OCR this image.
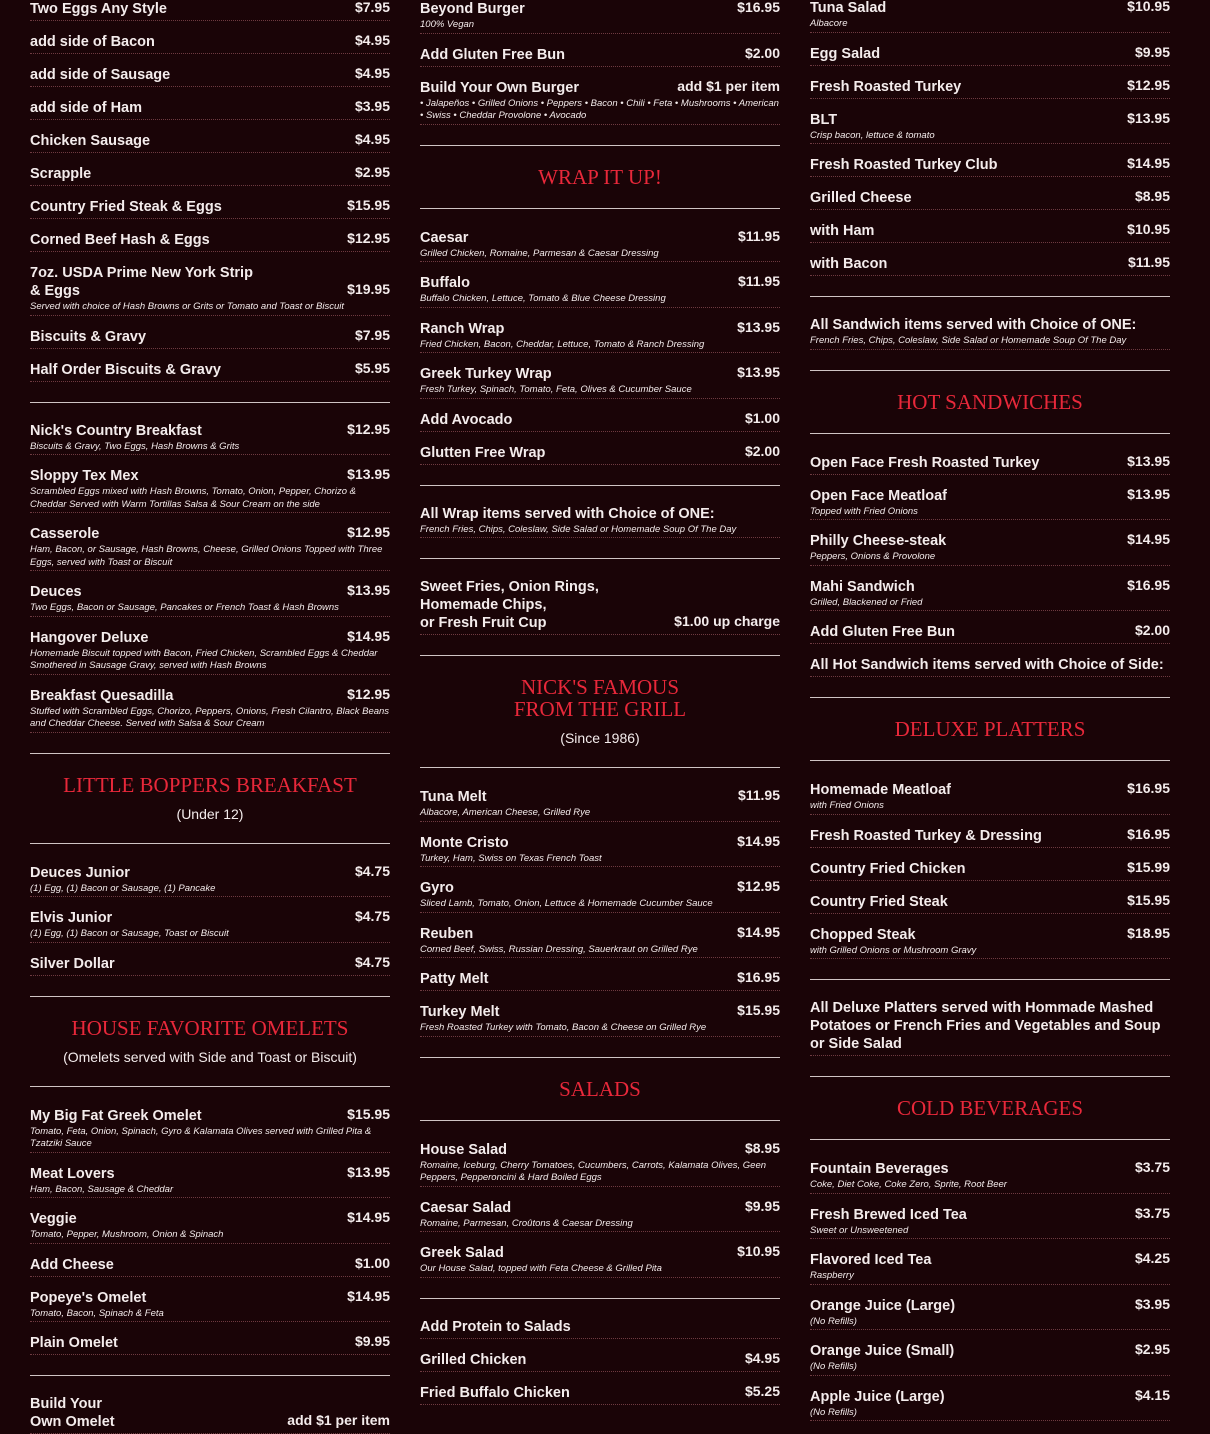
Two Eggs Any Style	$7.95
add side of Bacon	$4.95
add side of Sausage	$4.95
add side of Ham	$3.95
Chicken Sausage	$4.95
Scrapple	$2.95
Country Fried Steak & Eggs	$15.95
Corned Beef Hash & Eggs	$12.95
7oz. USDA Prime New York Strip
& Eggs	$19.95
Served with choice of Hash Browns or Grits or Tomato and Toast or Biscuit
Biscuits & Gravy	$7.95
Half Order Biscuits & Gravy	$5.95
Nick's Country Breakfast	$12.95
Biscuits & Gravy, Two Eggs, Hash Browns & Grits
Sloppy Tex Mex	$13.95
Scrambled Eggs mixed with Hash Browns, Tomato, Onion, Pepper, Chorizo & Cheddar Served with Warm Tortillas Salsa & Sour Cream on the side
Casserole	$12.95
Ham, Bacon, or Sausage, Hash Browns, Cheese, Grilled Onions Topped with Three Eggs, served with Toast or Biscuit
Deuces	$13.95
Two Eggs, Bacon or Sausage, Pancakes or French Toast & Hash Browns
Hangover Deluxe	$14.95
Homemade Biscuit topped with Bacon, Fried Chicken, Scrambled Eggs & Cheddar Smothered in Sausage Gravy, served with Hash Browns
Breakfast Quesadilla	$12.95
Stuffed with Scrambled Eggs, Chorizo, Peppers, Onions, Fresh Cilantro, Black Beans and Cheddar Cheese. Served with Salsa & Sour Cream
LITTLE BOPPERS BREAKFAST
(Under 12)
Deuces Junior	$4.75
(1) Egg, (1) Bacon or Sausage, (1) Pancake
Elvis Junior	$4.75
(1) Egg, (1) Bacon or Sausage, Toast or Biscuit
Silver Dollar	$4.75
HOUSE FAVORITE OMELETS
(Omelets served with Side and Toast or Biscuit)
My Big Fat Greek Omelet	$15.95
Tomato, Feta, Onion, Spinach, Gyro & Kalamata Olives served with Grilled Pita & Tzatziki Sauce
Meat Lovers	$13.95
Ham, Bacon, Sausage & Cheddar
Veggie	$14.95
Tomato, Pepper, Mushroom, Onion & Spinach
Add Cheese	$1.00
Popeye's Omelet	$14.95
Tomato, Bacon, Spinach & Feta
Plain Omelet	$9.95
Build Your
Own Omelet	add $1 per item
Beyond Burger	$16.95
100% Vegan
Add Gluten Free Bun	$2.00
Build Your Own Burger	add $1 per item
• Jalapeños • Grilled Onions • Peppers • Bacon • Chili • Feta • Mushrooms • American • Swiss • Cheddar Provolone • Avocado
WRAP IT UP!
Caesar	$11.95
Grilled Chicken, Romaine, Parmesan & Caesar Dressing
Buffalo	$11.95
Buffalo Chicken, Lettuce, Tomato & Blue Cheese Dressing
Ranch Wrap	$13.95
Fried Chicken, Bacon, Cheddar, Lettuce, Tomato & Ranch Dressing
Greek Turkey Wrap	$13.95
Fresh Turkey, Spinach, Tomato, Feta, Olives & Cucumber Sauce
Add Avocado	$1.00
Glutten Free Wrap	$2.00
All Wrap items served with Choice of ONE:
French Fries, Chips, Coleslaw, Side Salad or Homemade Soup Of The Day
Sweet Fries, Onion Rings,
Homemade Chips,
or Fresh Fruit Cup	$1.00 up charge
NICK'S FAMOUS
FROM THE GRILL
(Since 1986)
Tuna Melt	$11.95
Albacore, American Cheese, Grilled Rye
Monte Cristo	$14.95
Turkey, Ham, Swiss on Texas French Toast
Gyro	$12.95
Sliced Lamb, Tomato, Onion, Lettuce & Homemade Cucumber Sauce
Reuben	$14.95
Corned Beef, Swiss, Russian Dressing, Sauerkraut on Grilled Rye
Patty Melt	$16.95
Turkey Melt	$15.95
Fresh Roasted Turkey with Tomato, Bacon & Cheese on Grilled Rye
SALADS
House Salad	$8.95
Romaine, Iceburg, Cherry Tomatoes, Cucumbers, Carrots, Kalamata Olives, Geen Peppers, Pepperoncini & Hard Boiled Eggs
Caesar Salad	$9.95
Romaine, Parmesan, Croûtons & Caesar Dressing
Greek Salad	$10.95
Our House Salad, topped with Feta Cheese & Grilled Pita
Add Protein to Salads
Grilled Chicken	$4.95
Fried Buffalo Chicken	$5.25
Tuna Salad	$10.95
Albacore
Egg Salad	$9.95
Fresh Roasted Turkey	$12.95
BLT	$13.95
Crisp bacon, lettuce & tomato
Fresh Roasted Turkey Club	$14.95
Grilled Cheese	$8.95
with Ham	$10.95
with Bacon	$11.95
All Sandwich items served with Choice of ONE:
French Fries, Chips, Coleslaw, Side Salad or Homemade Soup Of The Day
HOT SANDWICHES
Open Face Fresh Roasted Turkey	$13.95
Open Face Meatloaf	$13.95
Topped with Fried Onions
Philly Cheese-steak	$14.95
Peppers, Onions & Provolone
Mahi Sandwich	$16.95
Grilled, Blackened or Fried
Add Gluten Free Bun	$2.00
All Hot Sandwich items served with Choice of Side:
DELUXE PLATTERS
Homemade Meatloaf	$16.95
with Fried Onions
Fresh Roasted Turkey & Dressing	$16.95
Country Fried Chicken	$15.99
Country Fried Steak	$15.95
Chopped Steak	$18.95
with Grilled Onions or Mushroom Gravy
All Deluxe Platters served with Hommade Mashed Potatoes or French Fries and Vegetables and Soup or Side Salad
COLD BEVERAGES
Fountain Beverages	$3.75
Coke, Diet Coke, Coke Zero, Sprite, Root Beer
Fresh Brewed Iced Tea	$3.75
Sweet or Unsweetened
Flavored Iced Tea	$4.25
Raspberry
Orange Juice (Large)	$3.95
(No Refills)
Orange Juice (Small)	$2.95
(No Refills)
Apple Juice (Large)	$4.15
(No Refills)
